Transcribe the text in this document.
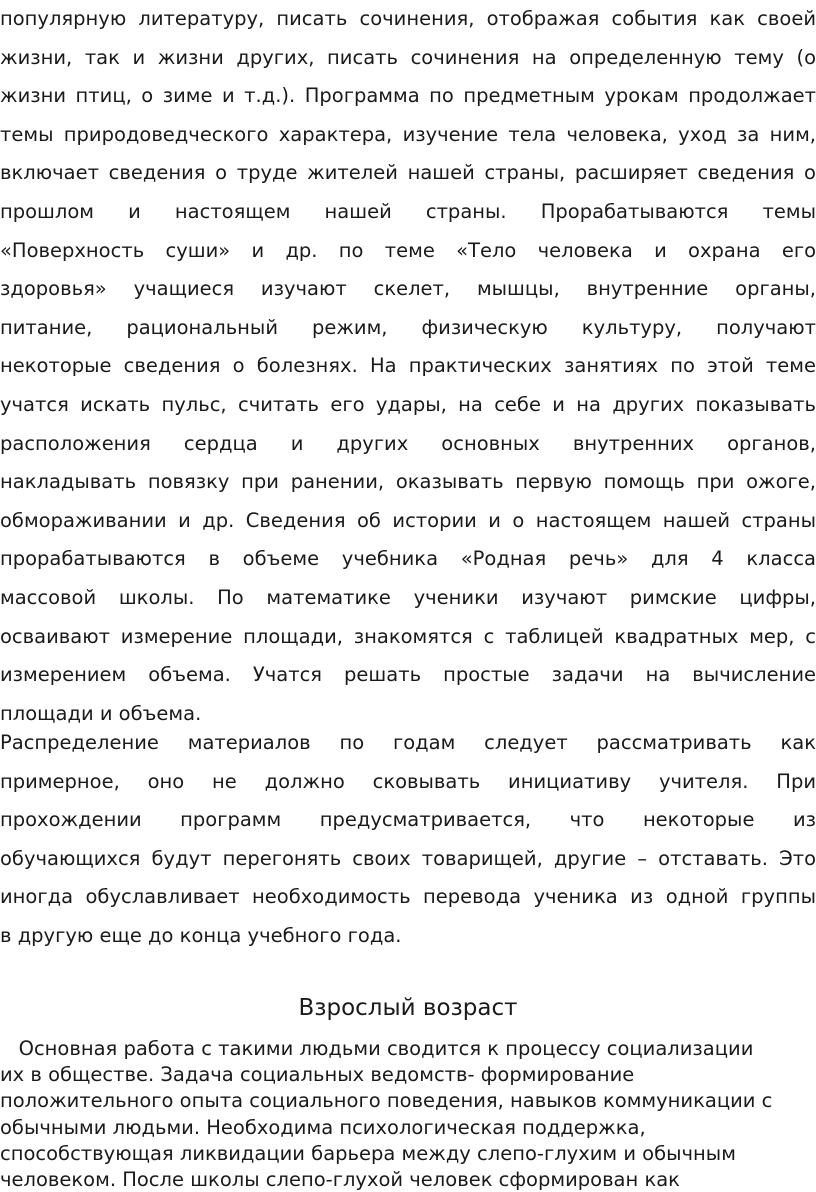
популярную литературу, писать сочинения, отображая события как своей
жизни, так и жизни других, писать сочинения на определенную тему (о
жизни птиц, о зиме и т.д.). Программа по предметным урокам продолжает
темы природоведческого характера, изучение тела человека, уход за ним,
включает сведения о труде жителей нашей страны, расширяет сведения о
прошлом и настоящем нашей страны. Прорабатываются темы
«Поверхность суши» и др. по теме «Тело человека и охрана его
здоровья» учащиеся изучают скелет, мышцы, внутренние органы,
питание, рациональный режим, физическую культуру, получают
некоторые сведения о болезнях. На практических занятиях по этой теме
учатся искать пульс, считать его удары, на себе и на других показывать
расположения сердца и других основных внутренних органов,
накладывать повязку при ранении, оказывать первую помощь при ожоге,
обмораживании и др. Сведения об истории и о настоящем нашей страны
прорабатываются в объеме учебника «Родная речь» для 4 класса
массовой школы. По математике ученики изучают римские цифры,
осваивают измерение площади, знакомятся с таблицей квадратных мер, с
измерением объема. Учатся решать простые задачи на вычисление
площади и объема.
Распределение материалов по годам следует рассматривать как
примерное, оно не должно сковывать инициативу учителя. При
прохождении программ предусматривается, что некоторые из
обучающихся будут перегонять своих товарищей, другие – отставать. Это
иногда обуславливает необходимость перевода ученика из одной группы
в другую еще до конца учебного года.
Взрослый возраст
Основная работа с такими людьми сводится к процессу социализации
их в обществе. Задача социальных ведомств- формирование
положительного опыта социального поведения, навыков коммуникации с
обычными людьми. Необходима психологическая поддержка,
способствующая ликвидации барьера между слепо-глухим и обычным
человеком. После школы слепо-глухой человек сформирован как
